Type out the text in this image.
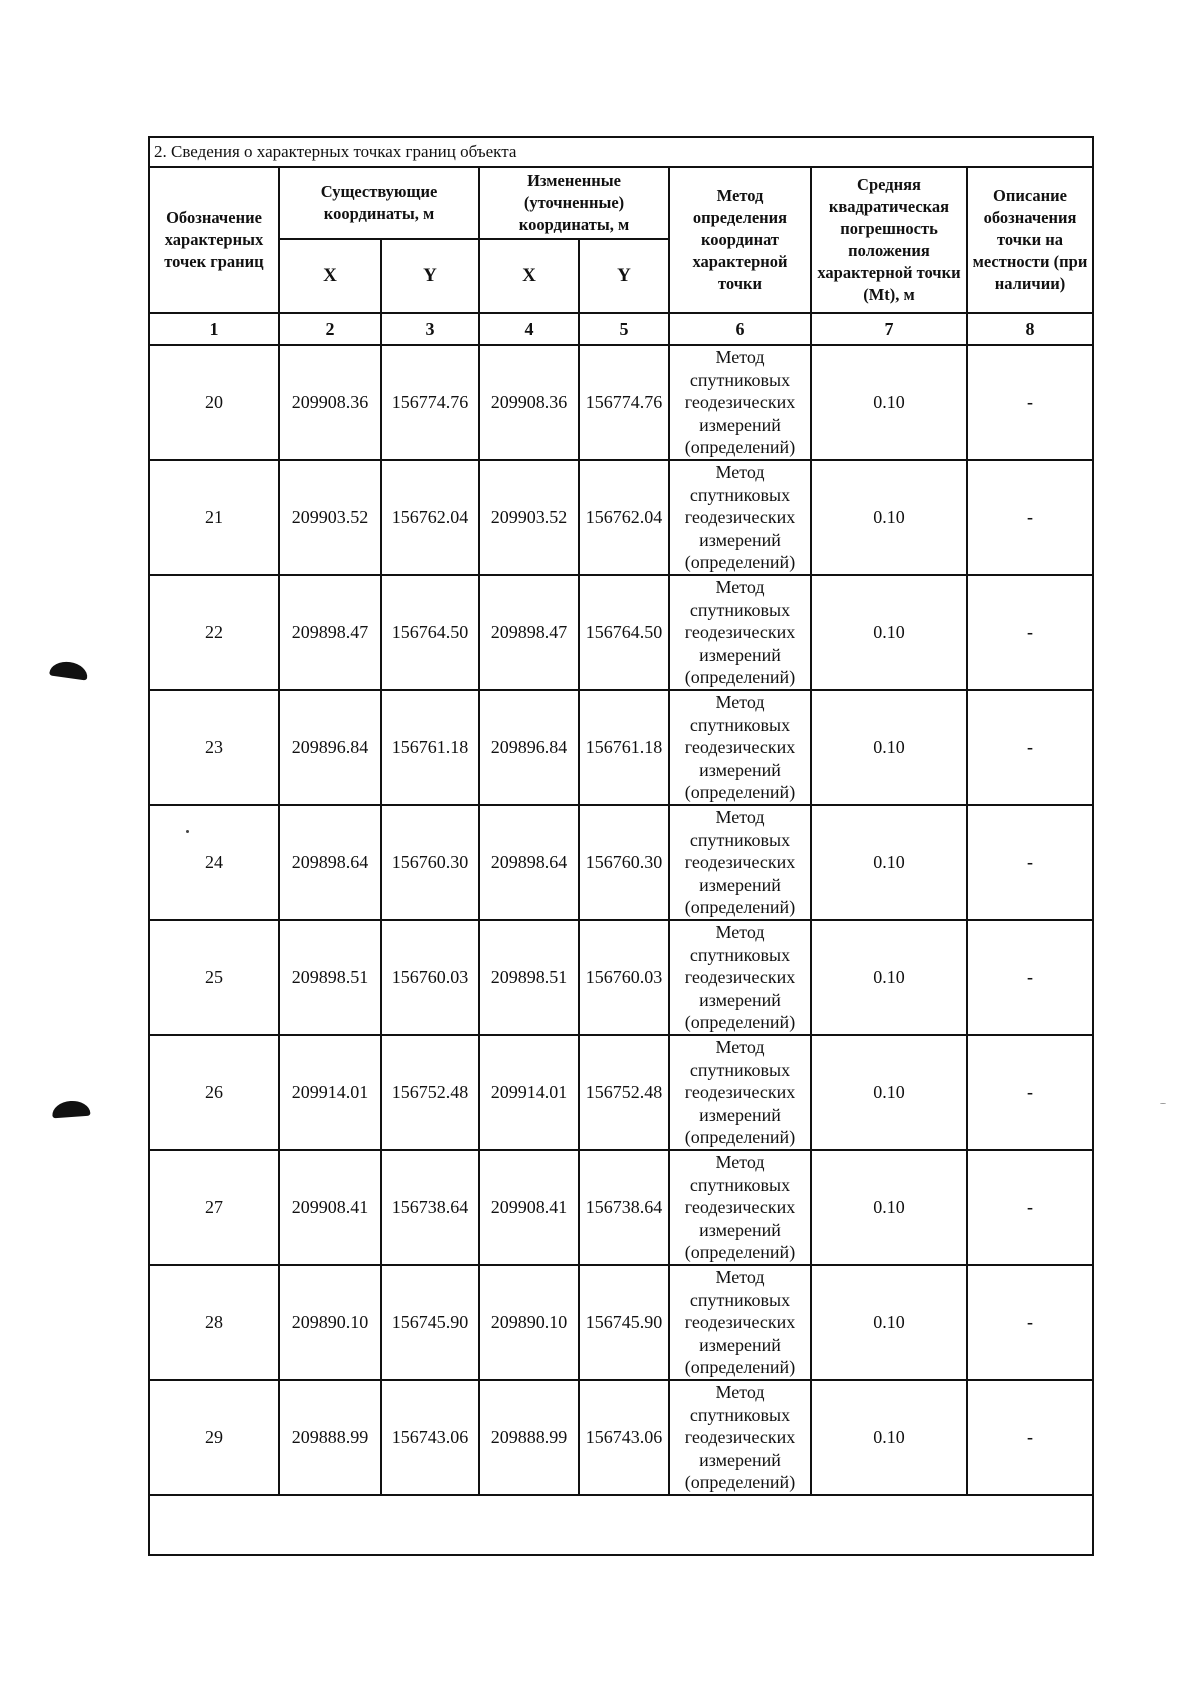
2. Сведения о характерных точках границ объекта							
Обозначение характерных точек границ	Существующие координаты, м		Измененные (уточненные) координаты, м		Метод определения координат характерной точки	Средняя квадратическая погрешность положения характерной точки (Mt), м	Описание обозначения точки на местности (при наличии)
	X	Y	X	Y			
1	2	3	4	5	6	7	8
20	209908.36	156774.76	209908.36	156774.76	Метод спутниковых геодезических измерений (определений)	0.10	-
21	209903.52	156762.04	209903.52	156762.04	Метод спутниковых геодезических измерений (определений)	0.10	-
22	209898.47	156764.50	209898.47	156764.50	Метод спутниковых геодезических измерений (определений)	0.10	-
23	209896.84	156761.18	209896.84	156761.18	Метод спутниковых геодезических измерений (определений)	0.10	-
24	209898.64	156760.30	209898.64	156760.30	Метод спутниковых геодезических измерений (определений)	0.10	-
25	209898.51	156760.03	209898.51	156760.03	Метод спутниковых геодезических измерений (определений)	0.10	-
26	209914.01	156752.48	209914.01	156752.48	Метод спутниковых геодезических измерений (определений)	0.10	-
27	209908.41	156738.64	209908.41	156738.64	Метод спутниковых геодезических измерений (определений)	0.10	-
28	209890.10	156745.90	209890.10	156745.90	Метод спутниковых геодезических измерений (определений)	0.10	-
29	209888.99	156743.06	209888.99	156743.06	Метод спутниковых геодезических измерений (определений)	0.10	-
